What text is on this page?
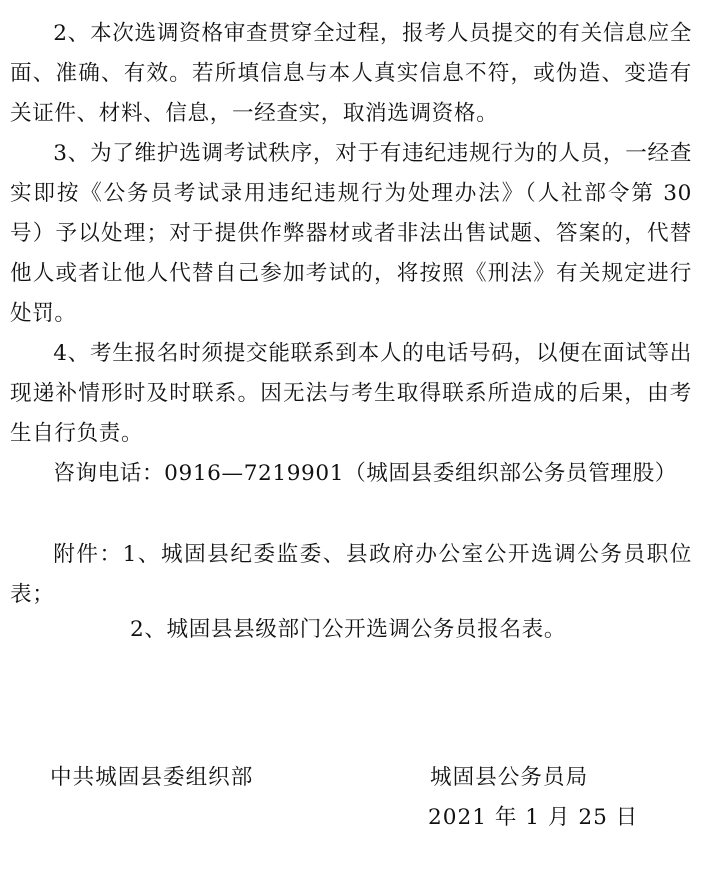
2、本次选调资格审查贯穿全过程，报考人员提交的有关信息应全面、准确、有效。若所填信息与本人真实信息不符，或伪造、变造有关证件、材料、信息，一经查实，取消选调资格。

3、为了维护选调考试秩序，对于有违纪违规行为的人员，一经查实即按《公务员考试录用违纪违规行为处理办法》（人社部令第 30 号）予以处理；对于提供作弊器材或者非法出售试题、答案的，代替他人或者让他人代替自己参加考试的，将按照《刑法》有关规定进行处罚。

4、考生报名时须提交能联系到本人的电话号码，以便在面试等出现递补情形时及时联系。因无法与考生取得联系所造成的后果，由考生自行负责。

咨询电话：0916—7219901（城固县委组织部公务员管理股）

附件：1、城固县纪委监委、县政府办公室公开选调公务员职位表；

2、城固县县级部门公开选调公务员报名表。

中共城固县委组织部	城固县公务员局

2021 年 1 月 25 日
